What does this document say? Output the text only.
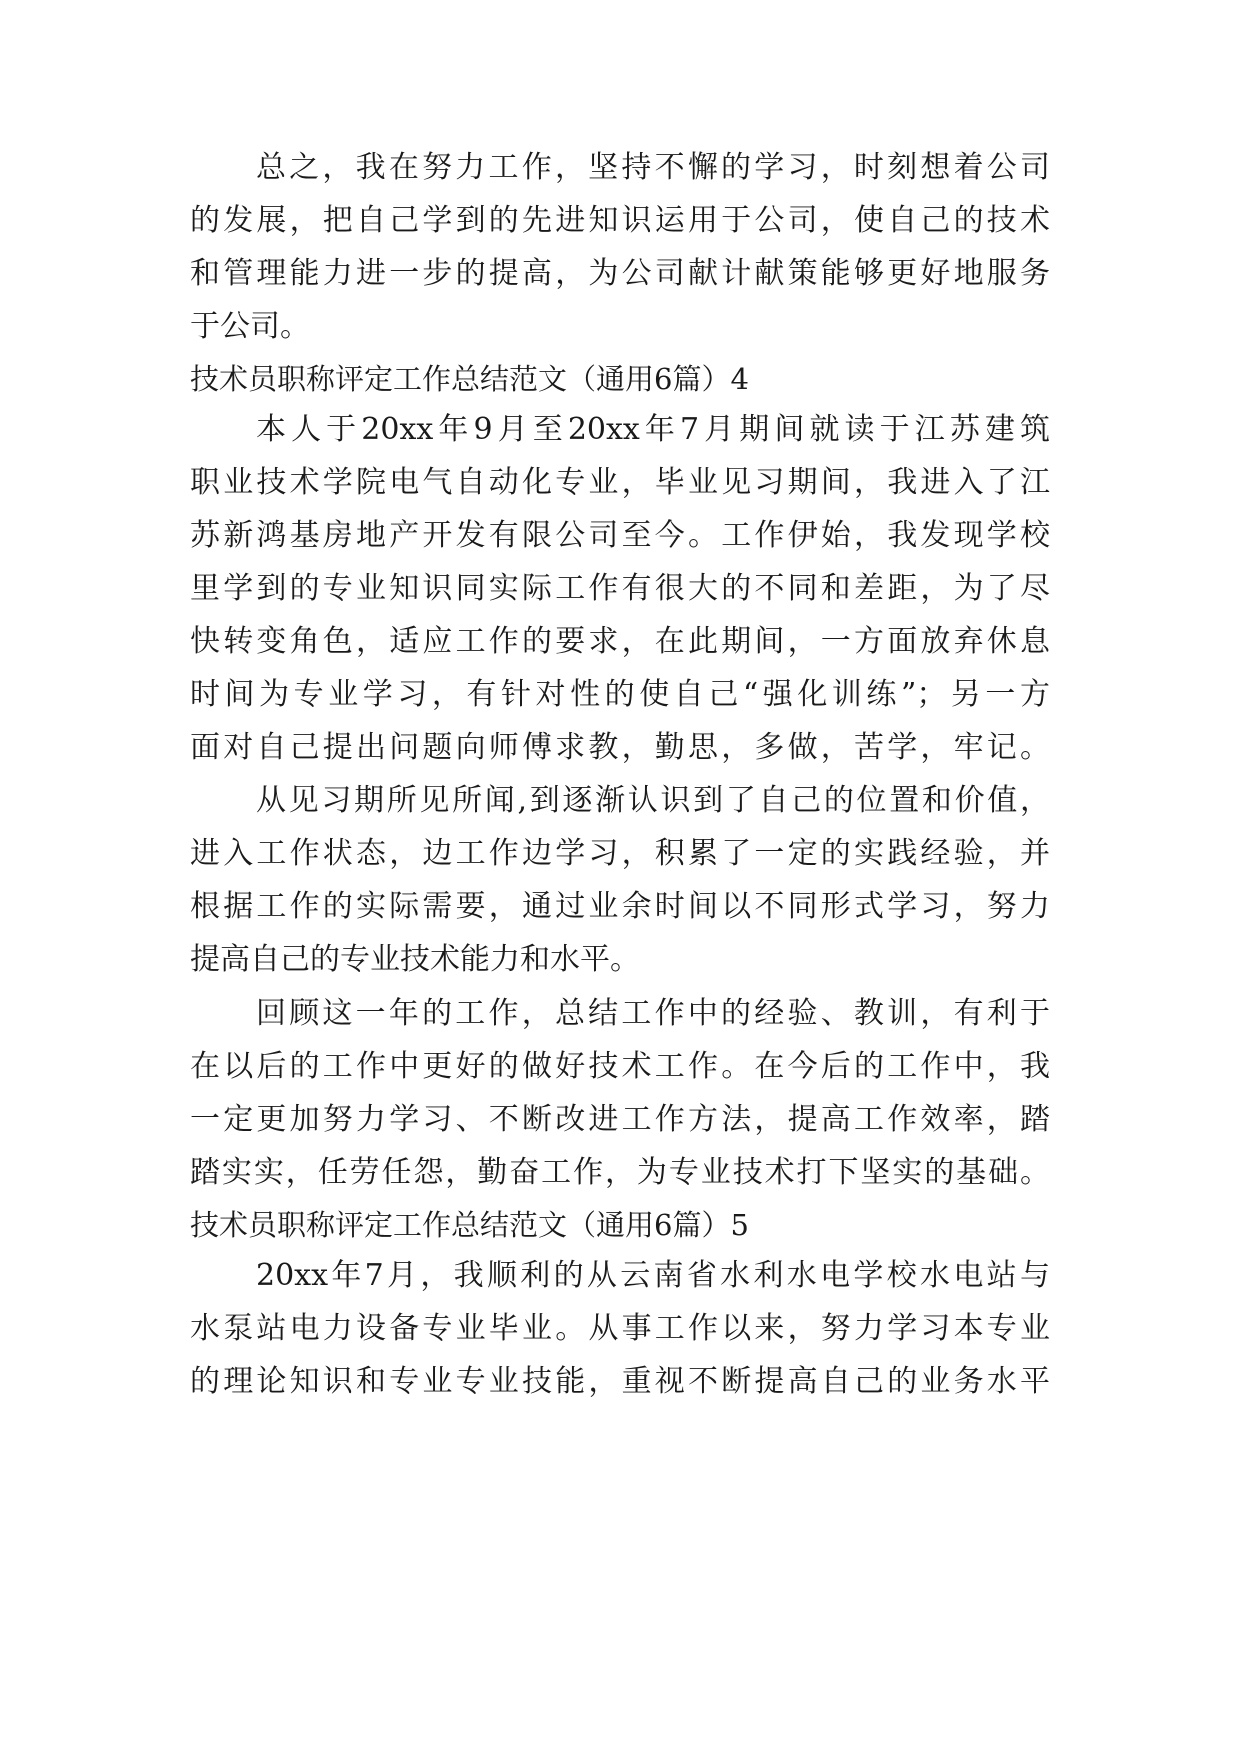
总之，我在努力工作，坚持不懈的学习，时刻想着公司
的发展，把自己学到的先进知识运用于公司，使自己的技术
和管理能力进一步的提高，为公司献计献策能够更好地服务
于公司。
技术员职称评定工作总结范文（通用6篇）4
本人于20xx年9月至20xx年7月期间就读于江苏建筑
职业技术学院电气自动化专业，毕业见习期间，我进入了江
苏新鸿基房地产开发有限公司至今。工作伊始，我发现学校
里学到的专业知识同实际工作有很大的不同和差距，为了尽
快转变角色，适应工作的要求，在此期间，一方面放弃休息
时间为专业学习，有针对性的使自己“强化训练”；另一方
面对自己提出问题向师傅求教，勤思，多做，苦学，牢记。
从见习期所见所闻,到逐渐认识到了自己的位置和价值，
进入工作状态，边工作边学习，积累了一定的实践经验，并
根据工作的实际需要，通过业余时间以不同形式学习，努力
提高自己的专业技术能力和水平。
回顾这一年的工作，总结工作中的经验、教训，有利于
在以后的工作中更好的做好技术工作。在今后的工作中，我
一定更加努力学习、不断改进工作方法，提高工作效率，踏
踏实实，任劳任怨，勤奋工作，为专业技术打下坚实的基础。
技术员职称评定工作总结范文（通用6篇）5
20xx年7月，我顺利的从云南省水利水电学校水电站与
水泵站电力设备专业毕业。从事工作以来，努力学习本专业
的理论知识和专业专业技能，重视不断提高自己的业务水平
